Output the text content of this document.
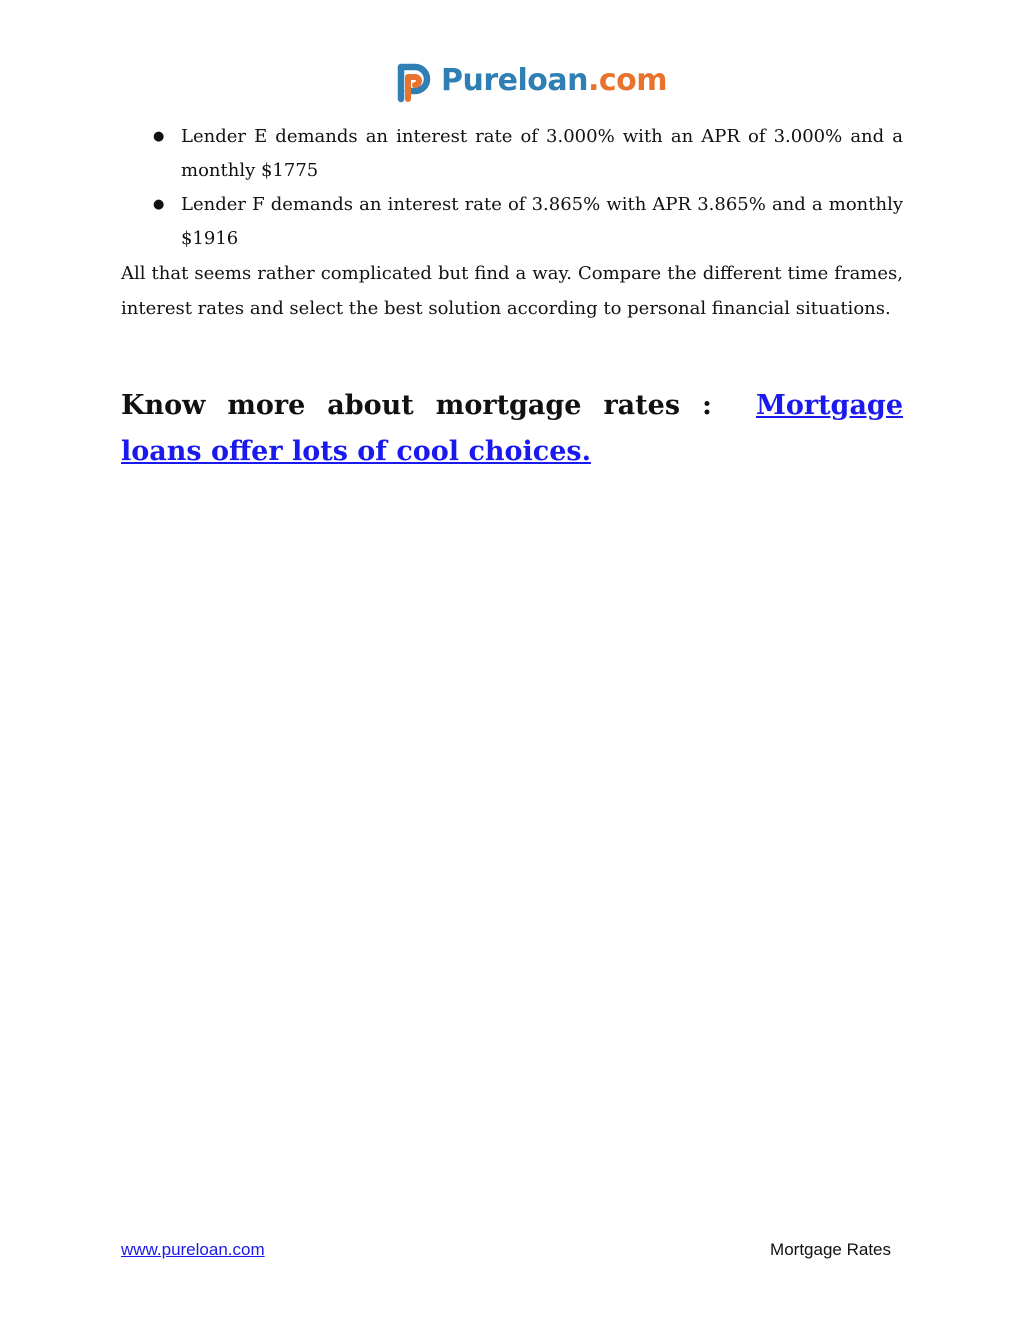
Pureloan.com
● Lender E demands an interest rate of 3.000% with an APR of 3.000% and a monthly $1775
● Lender F demands an interest rate of 3.865% with APR 3.865% and a monthly $1916

All that seems rather complicated but find a way. Compare the different time frames, interest rates and select the best solution according to personal financial situations.

Know more about mortgage rates : Mortgage loans offer lots of cool choices.
www.pureloan.com	Mortgage Rates
